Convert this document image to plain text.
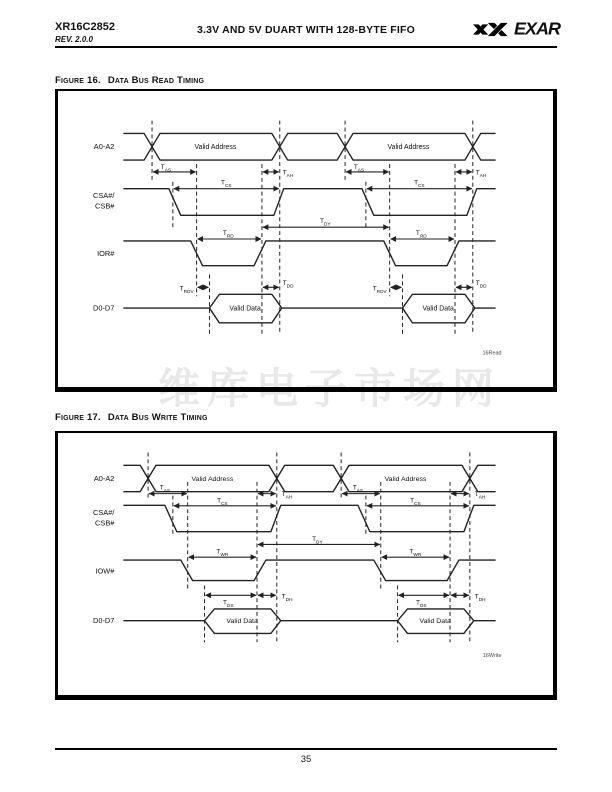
维库电子市场网
XR16C2852
REV. 2.0.0
3.3V AND 5V DUART WITH 128-BYTE FIFO	EXAR
Figure 16. Data Bus Read Timing
A0-A2
CSA#/
CSB#
IOR#
D0-D7
Valid Address	Valid Address
Valid Data	Valid Data
$T_{AS}$	$T_{AS}$
$T_{AH}$	$T_{AH}$
$T_{CS}$	$T_{CS}$
$T_{RD}$	$T_{RD}$
$T_{DY}$
$T_{RDV}$	$T_{RDV}$
$T_{DD}$	$T_{DD}$
16Read
Figure 17. Data Bus Write Timing
A0-A2
CSA#/
CSB#
IOW#
D0-D7
Valid Address	Valid Address
Valid Data	Valid Data
$T_{AS}$	$T_{AS}$
$T_{AH}$	$T_{AH}$
$T_{CS}$	$T_{CS}$
$T_{WR}$	$T_{WR}$
$T_{DY}$
$T_{DS}$	$T_{DS}$
$T_{DH}$	$T_{DH}$
16Write
35
